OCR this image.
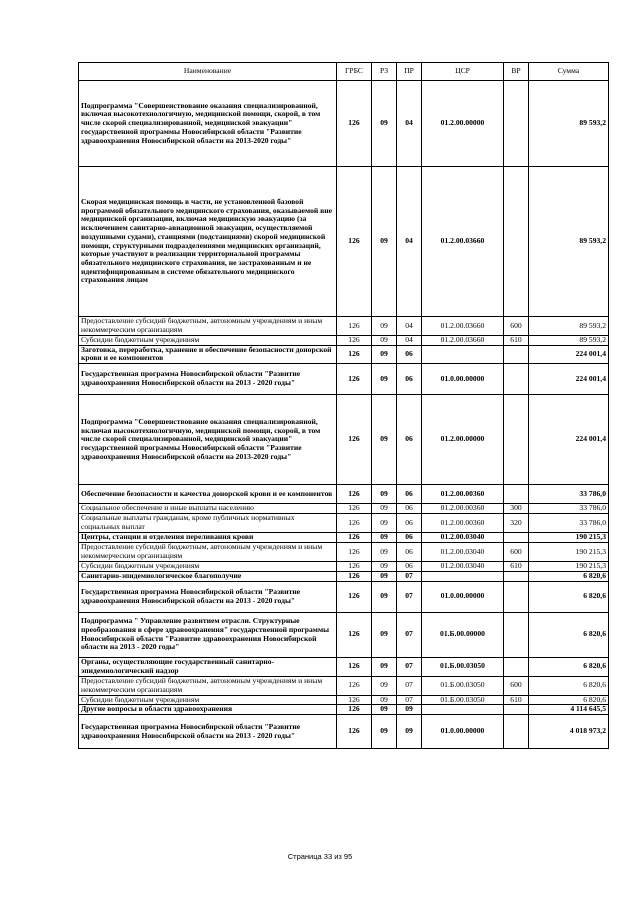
Наименование	ГРБС	РЗ	ПР	ЦСР	ВР	Сумма
Подпрограмма "Совершенствование оказания специализированной, включая высокотехнологичную, медицинской помощи, скорой, в том числе скорой специализированной, медицинской эвакуации" государственной программы Новосибирской области "Развитие здравоохранения Новосибирской области на 2013-2020 годы"	126	09	04	01.2.00.00000		89 593,2
Скорая медицинская помощь в части, не установленной базовой программой обязательного медицинского страхования, оказываемой вне медицинской организации, включая медицинскую эвакуацию (за исключением санитарно-авиационной эвакуации, осуществляемой воздушными судами), станциями (подстанциями) скорой медицинской помощи, структурными подразделениями медицинских организаций, которые участвуют в реализации территориальной программы обязательного медицинского страхования, не застрахованным и не идентифицированным в системе обязательного медицинского страхования лицам	126	09	04	01.2.00.03660		89 593,2
Предоставление субсидий бюджетным, автономным учреждениям и иным некоммерческим организациям	126	09	04	01.2.00.03660	600	89 593,2
Субсидии бюджетным учреждениям	126	09	04	01.2.00.03660	610	89 593,2
Заготовка, переработка, хранение и обеспечение безопасности донорской крови и ее компонентов	126	09	06			224 001,4
Государственная программа Новосибирской области "Развитие здравоохранения Новосибирской области на 2013 - 2020 годы"	126	09	06	01.0.00.00000		224 001,4
Подпрограмма "Совершенствование оказания специализированной, включая высокотехнологичную, медицинской помощи, скорой, в том числе скорой специализированной, медицинской эвакуации" государственной программы Новосибирской области "Развитие здравоохранения Новосибирской области на 2013-2020 годы"	126	09	06	01.2.00.00000		224 001,4
Обеспечение безопасности и качества донорской крови и ее компонентов	126	09	06	01.2.00.00360		33 786,0
Социальное обеспечение и иные выплаты населению	126	09	06	01.2.00.00360	300	33 786,0
Социальные выплаты гражданам, кроме публичных нормативных социальных выплат	126	09	06	01.2.00.00360	320	33 786,0
Центры, станции и отделения переливания крови	126	09	06	01.2.00.03040		190 215,3
Предоставление субсидий бюджетным, автономным учреждениям и иным некоммерческим организациям	126	09	06	01.2.00.03040	600	190 215,3
Субсидии бюджетным учреждениям	126	09	06	01.2.00.03040	610	190 215,3
Санитарно-эпидемиологическое благополучие	126	09	07			6 820,6
Государственная программа Новосибирской области "Развитие здравоохранения Новосибирской области на 2013 - 2020 годы"	126	09	07	01.0.00.00000		6 820,6
Подпрограмма " Управление развитием отрасли. Структурные преобразования в сфере здравоохранения" государственной программы Новосибирской области "Развитие здравоохранения Новосибирской области на 2013 - 2020 годы"	126	09	07	01.Б.00.00000		6 820,6
Органы, осуществляющие государственный санитарно-эпидемиологический надзор	126	09	07	01.Б.00.03050		6 820,6
Предоставление субсидий бюджетным, автономным учреждениям и иным некоммерческим организациям	126	09	07	01.Б.00.03050	600	6 820,6
Субсидии бюджетным учреждениям	126	09	07	01.Б.00.03050	610	6 820,6
Другие вопросы в области здравоохранения	126	09	09			4 114 645,5
Государственная программа Новосибирской области "Развитие здравоохранения Новосибирской области на 2013 - 2020 годы"	126	09	09	01.0.00.00000		4 018 973,2
Страница 33 из 95
